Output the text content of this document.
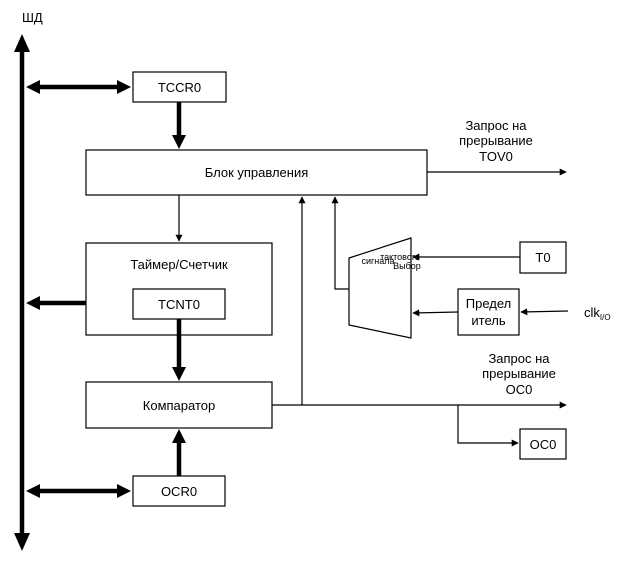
ШД
TCCR0
Блок управления
Запрос на
прерывание
TOV0
Таймер/Счетчик
TCNT0
Компаратор
OCR0
Запрос на
прерывание
OC0
OC0
тактового
сигнала
Выбор
T0
Предел
итель
clk$_{I/O}$
